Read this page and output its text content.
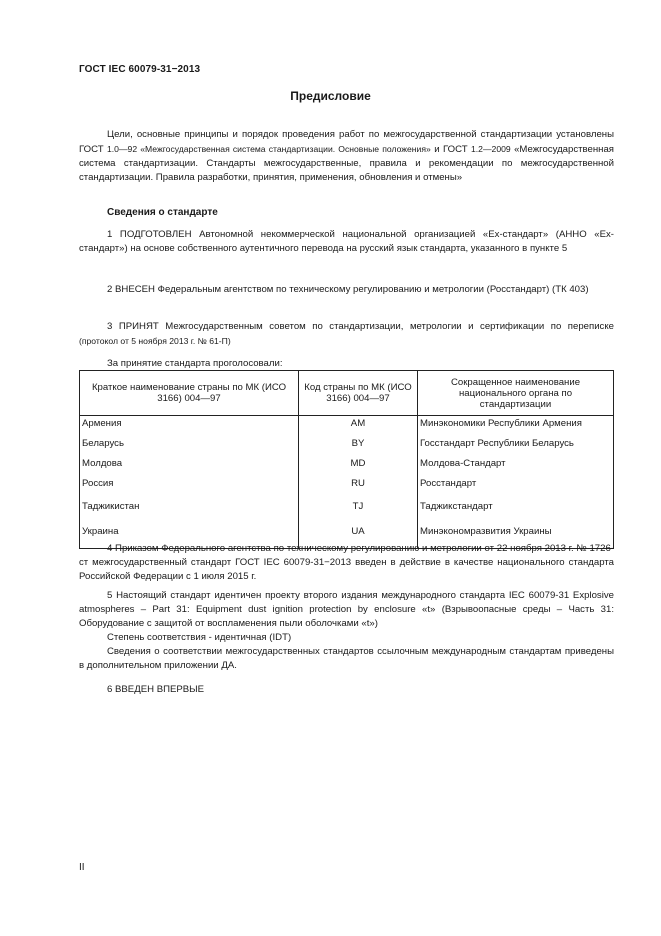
ГОСТ IEC 60079-31−2013
Предисловие
Цели, основные принципы и порядок проведения работ по межгосударственной стандартизации установлены ГОСТ 1.0—92 «Межгосударственная система стандартизации. Основные положения» и ГОСТ 1.2—2009 «Межгосударственная система стандартизации. Стандарты межгосударственные, правила и рекомендации по межгосударственной стандартизации. Правила разработки, принятия, применения, обновления и отмены»
Сведения о стандарте
1 ПОДГОТОВЛЕН Автономной некоммерческой национальной организацией «Ех-стандарт» (АННО «Ех-стандарт») на основе собственного аутентичного перевода на русский язык стандарта, указанного в пункте 5
2 ВНЕСЕН Федеральным агентством по техническому регулированию и метрологии (Росстандарт) (ТК 403)
3 ПРИНЯТ Межгосударственным советом по стандартизации, метрологии и сертификации по переписке (протокол от 5 ноября 2013 г. № 61-П)
За принятие стандарта проголосовали:
Краткое наименование страны по МК (ИСО 3166) 004—97	Код страны по МК (ИСО 3166) 004—97	Сокращенное наименование национального органа по стандартизации
Армения	AM	Минэкономики Республики Армения
Беларусь	BY	Госстандарт Республики Беларусь
Молдова	MD	Молдова-Стандарт
Россия	RU	Росстандарт
Таджикистан	TJ	Таджикстандарт
Украина	UA	Минэкономразвития Украины
4 Приказом Федерального агентства по техническому регулированию и метрологии от 22 ноября 2013 г. № 1726-ст межгосударственный стандарт ГОСТ IEC 60079-31−2013 введен в действие в качестве национального стандарта Российской Федерации с 1 июля 2015 г.
5 Настоящий стандарт идентичен проекту второго издания международного стандарта IEC 60079-31 Explosive atmospheres – Part 31: Equipment dust ignition protection by enclosure «t» (Взрывоопасные среды – Часть 31: Оборудование с защитой от воспламенения пыли оболочками «t»)
Степень соответствия - идентичная (IDT)
Сведения о соответствии межгосударственных стандартов ссылочным международным стандартам приведены в дополнительном приложении ДА.
6 ВВЕДЕН ВПЕРВЫЕ
II
